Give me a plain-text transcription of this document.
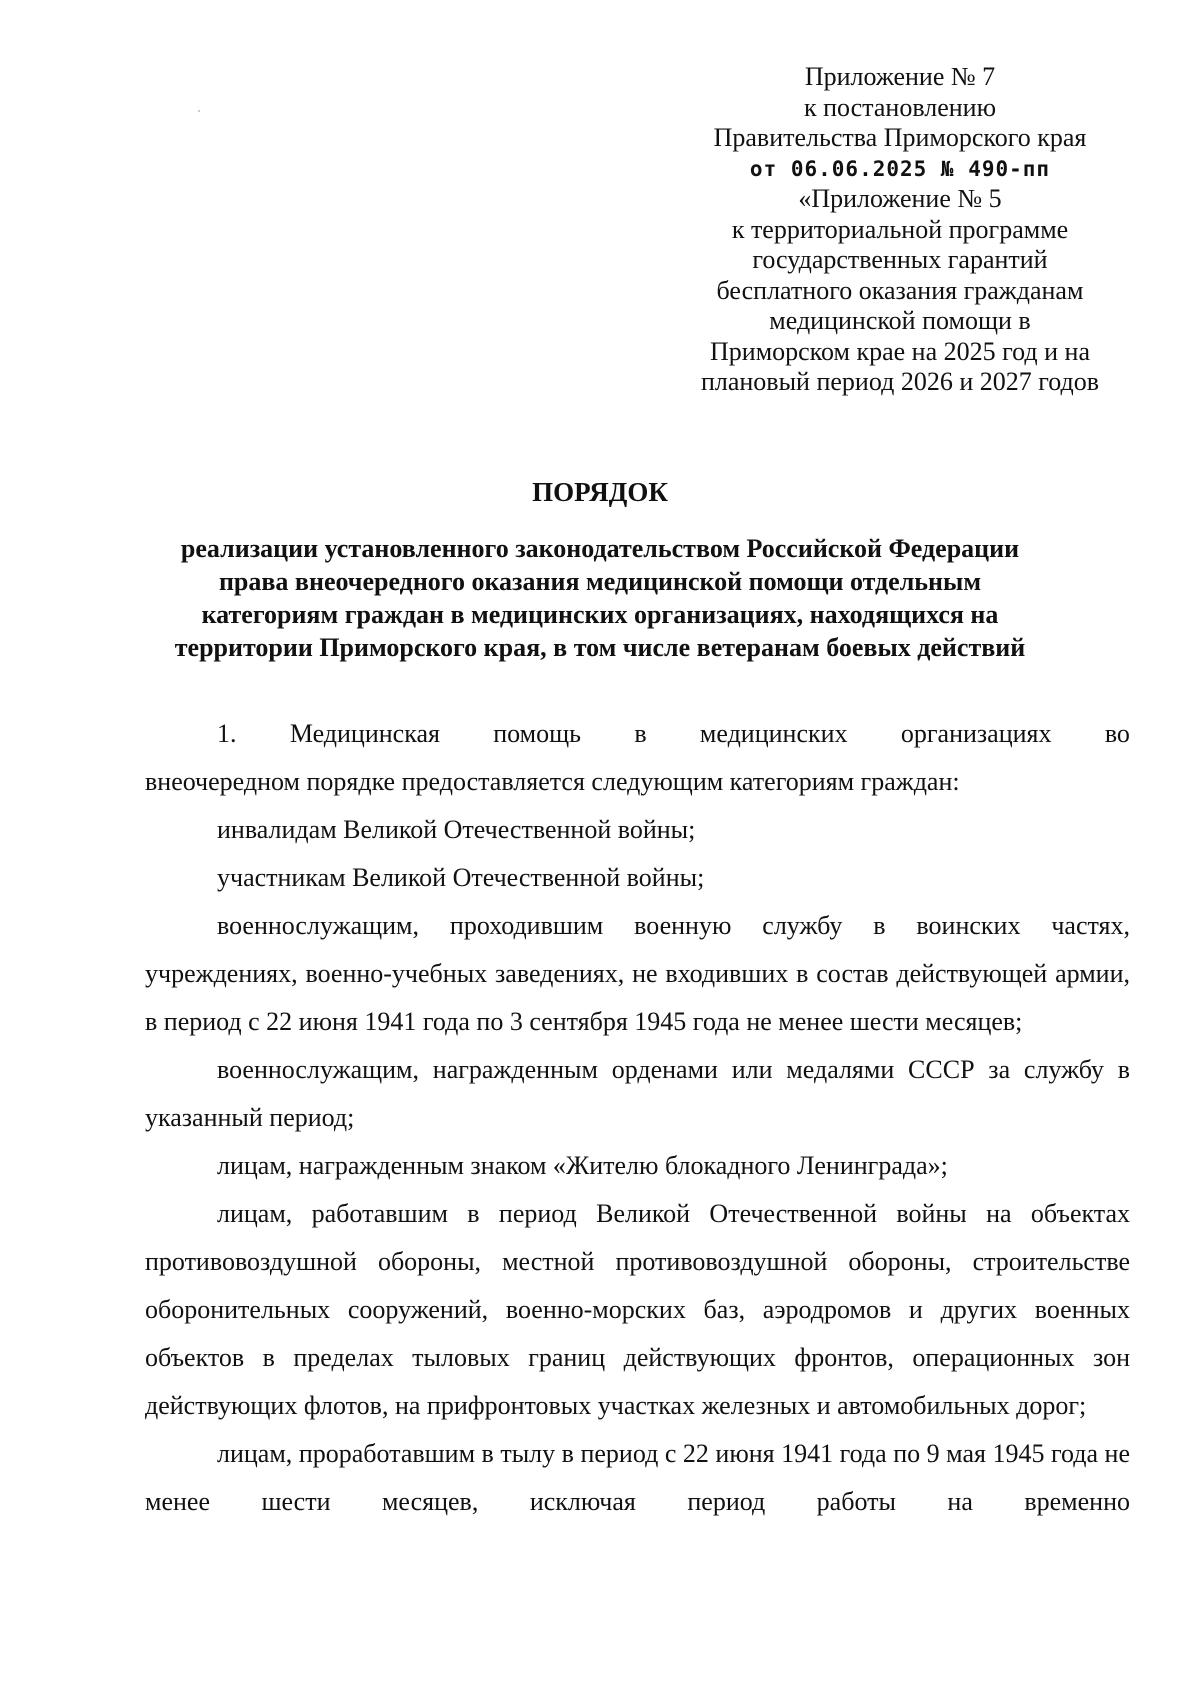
Приложение № 7
к постановлению
Правительства Приморского края
от 06.06.2025 № 490-пп
«Приложение № 5
к территориальной программе
государственных гарантий
бесплатного оказания гражданам
медицинской помощи в
Приморском крае на 2025 год и на
плановый период 2026 и 2027 годов
ПОРЯДОК
реализации установленного законодательством Российской Федерации
права внеочередного оказания медицинской помощи отдельным
категориям граждан в медицинских организациях, находящихся на
территории Приморского края, в том числе ветеранам боевых действий
1. Медицинская помощь в медицинских организациях во
внеочередном порядке предоставляется следующим категориям граждан:
инвалидам Великой Отечественной войны;
участникам Великой Отечественной войны;
военнослужащим, проходившим военную службу в воинских частях, учреждениях, военно-учебных заведениях, не входивших в состав действующей армии, в период с 22 июня 1941 года по 3 сентября 1945 года не менее шести месяцев;
военнослужащим, награжденным орденами или медалями СССР за службу в указанный период;
лицам, награжденным знаком «Жителю блокадного Ленинграда»;
лицам, работавшим в период Великой Отечественной войны на объектах противовоздушной обороны, местной противовоздушной обороны, строительстве оборонительных сооружений, военно-морских баз, аэродромов и других военных объектов в пределах тыловых границ действующих фронтов, операционных зон действующих флотов, на прифронтовых участках железных и автомобильных дорог;
лицам, проработавшим в тылу в период с 22 июня 1941 года по 9 мая 1945 года не менее шести месяцев, исключая период работы на временно
